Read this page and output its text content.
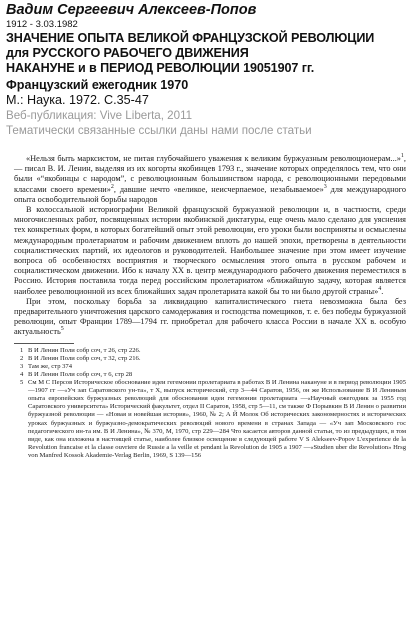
Вадим Сергеевич Алексеев-Попов
1912 - 3.03.1982
ЗНАЧЕНИЕ ОПЫТА ВЕЛИКОЙ ФРАНЦУЗСКОЙ РЕВОЛЮЦИИ
для РУССКОГО РАБОЧЕГО ДВИЖЕНИЯ
НАКАНУНЕ и в ПЕРИОД РЕВОЛЮЦИИ 19051907 гг.
Французский ежегодник 1970
М.: Наука. 1972. С.35-47
Веб-публикация: Vive Liberta, 2011
Тематически связанные ссылки даны нами после статьи

«Нельзя быть марксистом, не питая глубочайшего уважения к великим буржуазным революционерам...»$^1$, — писал В. И. Ленин, выделяя из их когорты якобинцев 1793 г., значение которых определялось тем, что они были «“якобинцы с народом”, с революционным большинством народа, с революционными передовыми классами своего времени»$^2$, давшие нечто «великое, неисчерпаемое, незабываемое»$^3$ для международного опыта освободительной борьбы народов

В колоссальной историографии Великой французской буржуазной революции и, в частности, среди многочисленных работ, посвященных истории якобинской диктатуры, еще очень мало сделано для уяснения тех конкретных форм, в которых богатейший опыт этой революции, его уроки были восприняты и осмыслены международным пролетариатом и рабочим движением вплоть до нашей эпохи, претворены в деятельности социалистических партий, их идеологов и руководителей. Наибольшее значение при этом имеет изучение вопроса об особенностях восприятия и творческого осмысления этого опыта в русском рабочем и социалистическом движении. Ибо к началу XX в. центр международного рабочего движения переместился в Россию. История поставила тогда перед российским пролетариатом «ближайшую задачу, которая является наиболее революционной из всех ближайших задач пролетариата какой бы то ни было другой страны»$^4$.

При этом, поскольку борьба за ликвидацию капиталистического гнета невозможна была без предварительного уничтожения царского самодержавия и господства помещиков, т. е. без победы буржуазной революции, опыт Франции 1789—1794 гг. приобретал для рабочего класса России в начале XX в. особую актуальность$^5$

1 В И Ленин Поли собр соч, т 26, стр 226.

2 В И Ленин Поли собр соч, т 32, стр 216.

3 Там же, стр 374

4 В И Ленин Поли собр соч, т 6, стр 28

5 См М С Персов Историческое обоснование идеи гегемонии пролетариата в работах В И Ленина накануне и в период революции 1905—1907 гг —«Уч зап Саратовского ун-та», т X, выпуск исторический, стр 3—44 Саратов, 1956, он же Использование В И Лениным опыта европейских буржуазных революций для обоснования идеи гегемонии пролетариата —«Научный ежегодник за 1955 год Саратовского университета» Исторический факультет, отдел II Саратов, 1958, стр 5—11, см также Ф Порывкин В И Ленин о развитии буржуазной революции — «Новая и новейшая история», 1960, № 2; А Й Молок Об исторических закономерностях и исторических уроках буржуазных и буржуазно-демократических революций нового времени в странах Запада — «Уч зап Московского гос педагогического ин-та им. В И Ленина», № 370, М, 1970, стр 229—284 Что касается авторов данной статьи, то из предыдущих, в том виде, как она изложена в настоящей статье, наиболее близкое освещение в следующей работе V S Alekseev-Popov L'experience de la Revolution francaise et la classe ouvriere de Russie a la veille et pendant la Revolution de 1905 a 1907 —«Studien uber die Revolution» Hrsg von Manfred Kossok Akademie-Verlag Berlin, 1969, S 139—156
